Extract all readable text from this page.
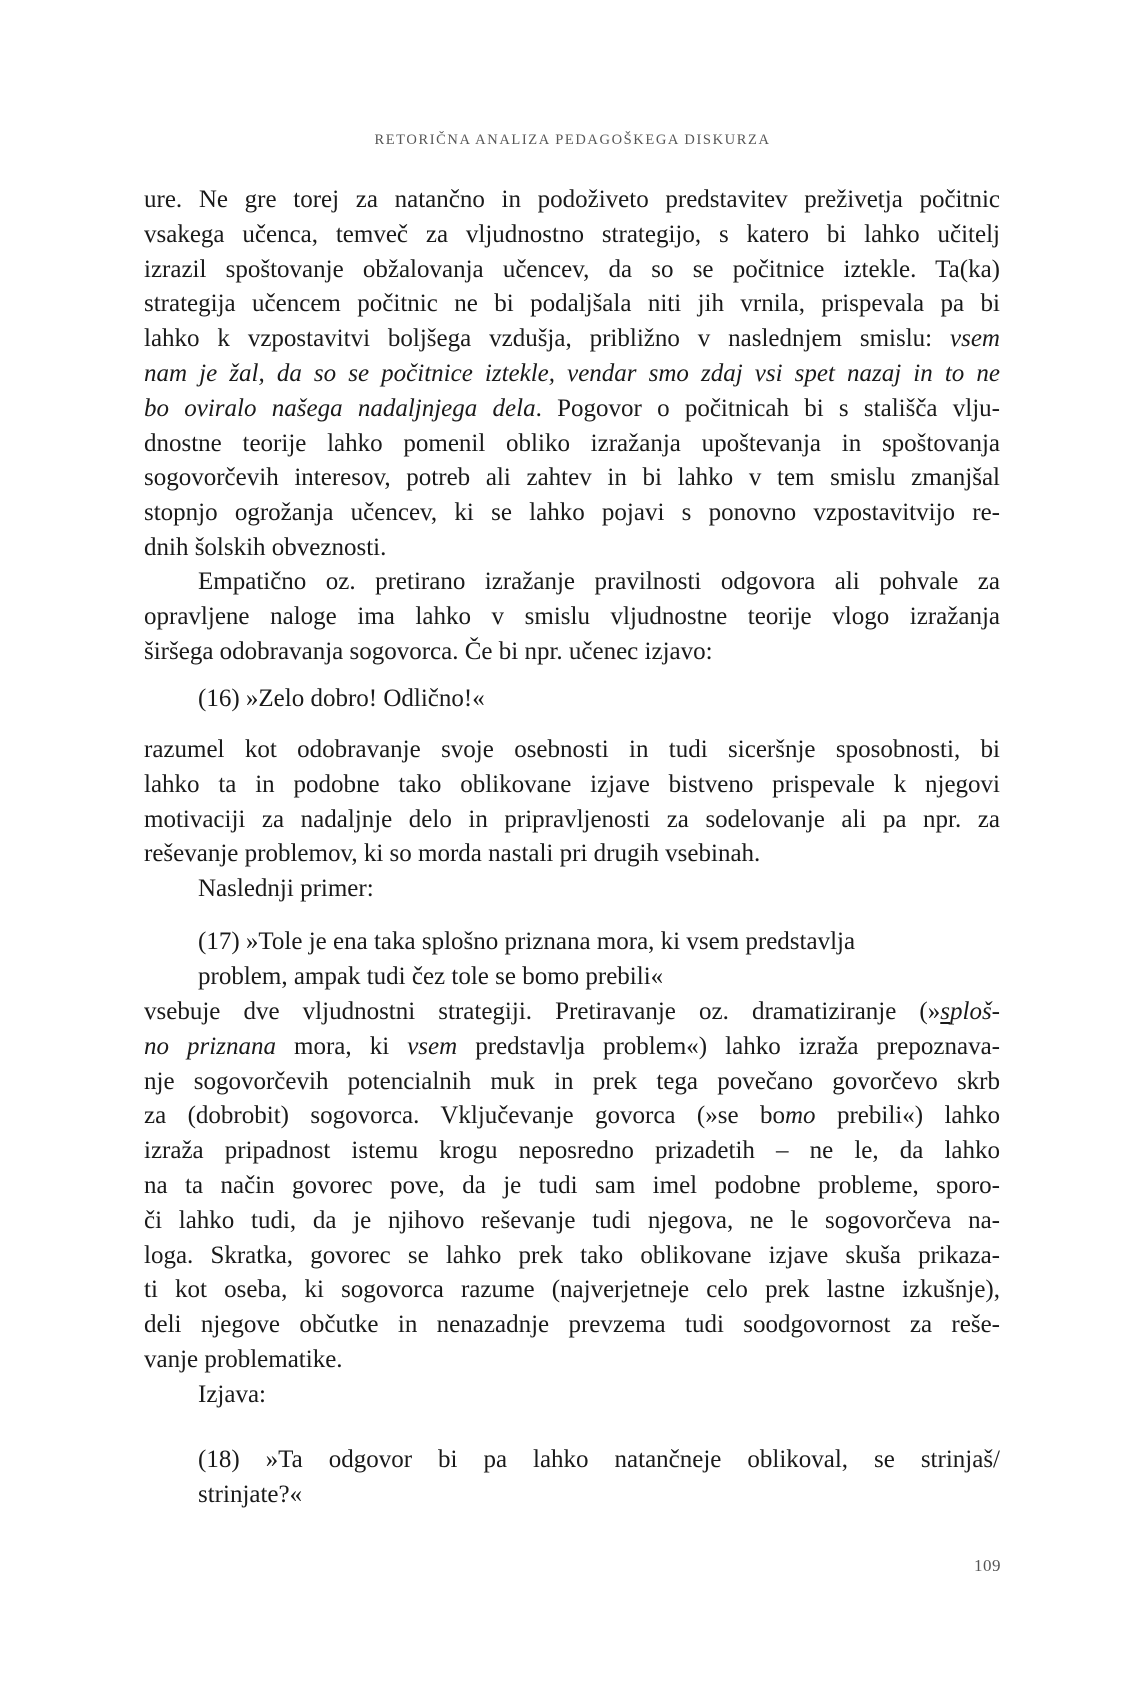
RETORIČNA ANALIZA PEDAGOŠKEGA DISKURZA
ure. Ne gre torej za natančno in podoživeto predstavitev preživetja počitnic
vsakega učenca, temveč za vljudnostno strategijo, s katero bi lahko učitelj
izrazil spoštovanje obžalovanja učencev, da so se počitnice iztekle. Ta(ka)
strategija učencem počitnic ne bi podaljšala niti jih vrnila, prispevala pa bi
lahko k vzpostavitvi boljšega vzdušja, približno v naslednjem smislu: vsem
nam je žal, da so se počitnice iztekle, vendar smo zdaj vsi spet nazaj in to ne
bo oviralo našega nadaljnjega dela. Pogovor o počitnicah bi s stališča vlju-
dnostne teorije lahko pomenil obliko izražanja upoštevanja in spoštovanja
sogovorčevih interesov, potreb ali zahtev in bi lahko v tem smislu zmanjšal
stopnjo ogrožanja učencev, ki se lahko pojavi s ponovno vzpostavitvijo re-
dnih šolskih obveznosti.
Empatično oz. pretirano izražanje pravilnosti odgovora ali pohvale za
opravljene naloge ima lahko v smislu vljudnostne teorije vlogo izražanja
širšega odobravanja sogovorca. Če bi npr. učenec izjavo:
(16) »Zelo dobro! Odlično!«
razumel kot odobravanje svoje osebnosti in tudi siceršnje sposobnosti, bi
lahko ta in podobne tako oblikovane izjave bistveno prispevale k njegovi
motivaciji za nadaljnje delo in pripravljenosti za sodelovanje ali pa npr. za
reševanje problemov, ki so morda nastali pri drugih vsebinah.
Naslednji primer:
(17) »Tole je ena taka splošno priznana mora, ki vsem predstavlja
problem, ampak tudi čez tole se bomo prebili«
vsebuje dve vljudnostni strategiji. Pretiravanje oz. dramatiziranje (»sploš-
no priznana mora, ki vsem predstavlja problem«) lahko izraža prepoznava-
nje sogovorčevih potencialnih muk in prek tega povečano govorčevo skrb
za (dobrobit) sogovorca. Vključevanje govorca (»se bomo prebili«) lahko
izraža pripadnost istemu krogu neposredno prizadetih – ne le, da lahko
na ta način govorec pove, da je tudi sam imel podobne probleme, sporo-
či lahko tudi, da je njihovo reševanje tudi njegova, ne le sogovorčeva na-
loga. Skratka, govorec se lahko prek tako oblikovane izjave skuša prikaza-
ti kot oseba, ki sogovorca razume (najverjetneje celo prek lastne izkušnje),
deli njegove občutke in nenazadnje prevzema tudi soodgovornost za reše-
vanje problematike.
Izjava:
(18) »Ta odgovor bi pa lahko natančneje oblikoval, se strinjaš/
strinjate?«
109
